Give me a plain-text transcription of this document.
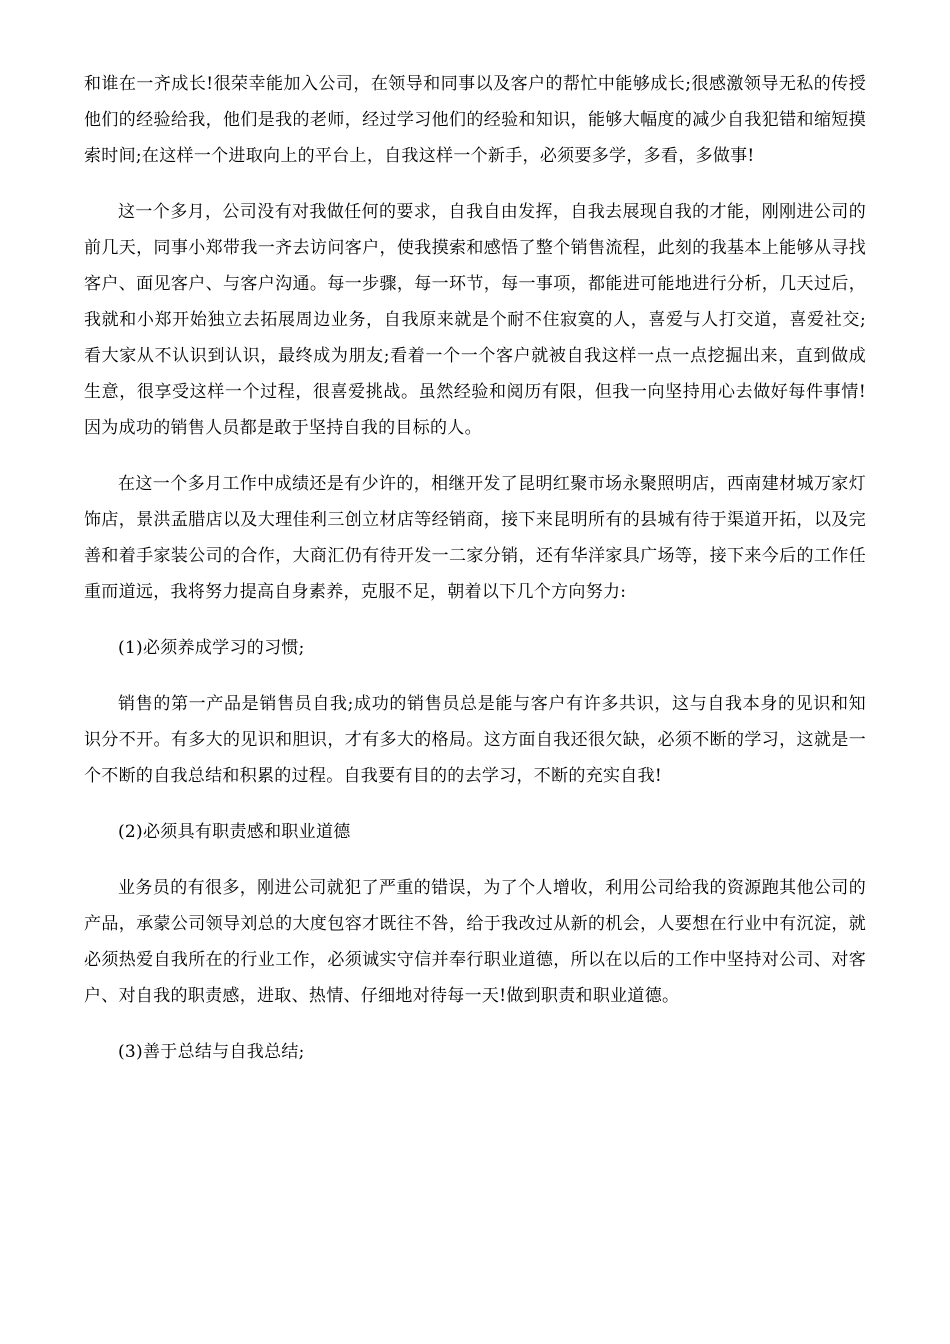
和谁在一齐成长!很荣幸能加入公司，在领导和同事以及客户的帮忙中能够成长;很感激领导无私的传授他们的经验给我，他们是我的老师，经过学习他们的经验和知识，能够大幅度的减少自我犯错和缩短摸索时间;在这样一个进取向上的平台上，自我这样一个新手，必须要多学，多看，多做事!

这一个多月，公司没有对我做任何的要求，自我自由发挥，自我去展现自我的才能，刚刚进公司的前几天，同事小郑带我一齐去访问客户，使我摸索和感悟了整个销售流程，此刻的我基本上能够从寻找客户、面见客户、与客户沟通。每一步骤，每一环节，每一事项，都能进可能地进行分析，几天过后，我就和小郑开始独立去拓展周边业务，自我原来就是个耐不住寂寞的人，喜爱与人打交道，喜爱社交;看大家从不认识到认识，最终成为朋友;看着一个一个客户就被自我这样一点一点挖掘出来，直到做成生意，很享受这样一个过程，很喜爱挑战。虽然经验和阅历有限，但我一向坚持用心去做好每件事情!因为成功的销售人员都是敢于坚持自我的目标的人。

在这一个多月工作中成绩还是有少许的，相继开发了昆明红聚市场永聚照明店，西南建材城万家灯饰店，景洪孟腊店以及大理佳利三创立材店等经销商，接下来昆明所有的县城有待于渠道开拓，以及完善和着手家装公司的合作，大商汇仍有待开发一二家分销，还有华洋家具广场等，接下来今后的工作任重而道远，我将努力提高自身素养，克服不足，朝着以下几个方向努力:

(1)必须养成学习的习惯;

销售的第一产品是销售员自我;成功的销售员总是能与客户有许多共识，这与自我本身的见识和知识分不开。有多大的见识和胆识，才有多大的格局。这方面自我还很欠缺，必须不断的学习，这就是一个不断的自我总结和积累的过程。自我要有目的的去学习，不断的充实自我!

(2)必须具有职责感和职业道德

业务员的有很多，刚进公司就犯了严重的错误，为了个人增收，利用公司给我的资源跑其他公司的产品，承蒙公司领导刘总的大度包容才既往不咎，给于我改过从新的机会，人要想在行业中有沉淀，就必须热爱自我所在的行业工作，必须诚实守信并奉行职业道德，所以在以后的工作中坚持对公司、对客户、对自我的职责感，进取、热情、仔细地对待每一天!做到职责和职业道德。

(3)善于总结与自我总结;
